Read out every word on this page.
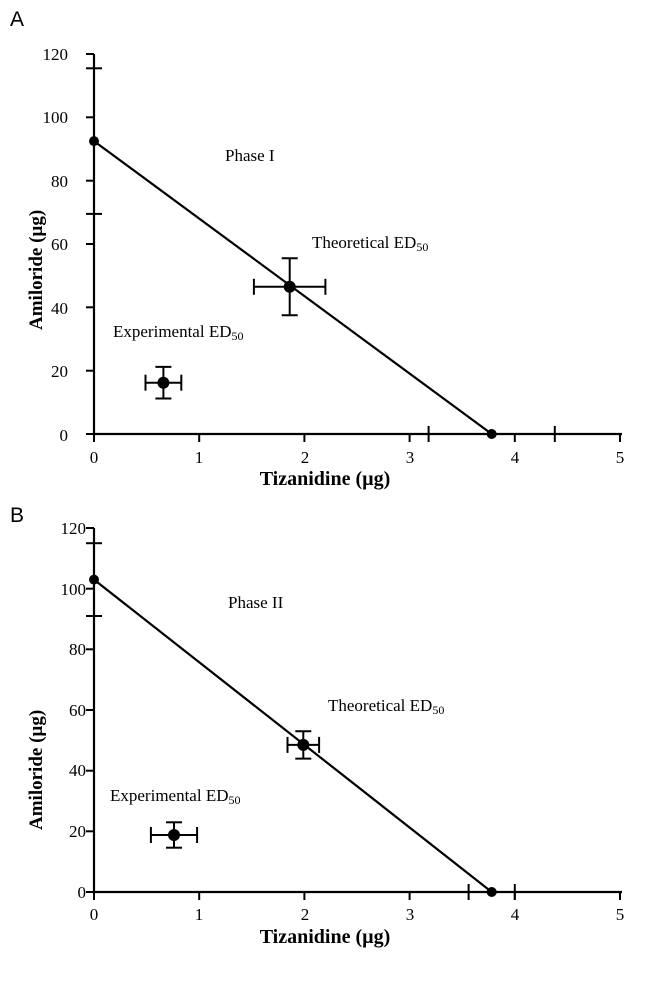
A
Amiloride (µg)
Tizanidine (µg)
120
100
80
60
40
20
0
0	1	2	3	4	5
Phase I
Theoretical $ED_{50}$
Experimental $ED_{50}$
B
Amiloride (µg)
Tizanidine (µg)
120
100
80
60
40
20
0
0	1	2	3	4	5
Phase II
Theoretical $ED_{50}$
Experimental $ED_{50}$
